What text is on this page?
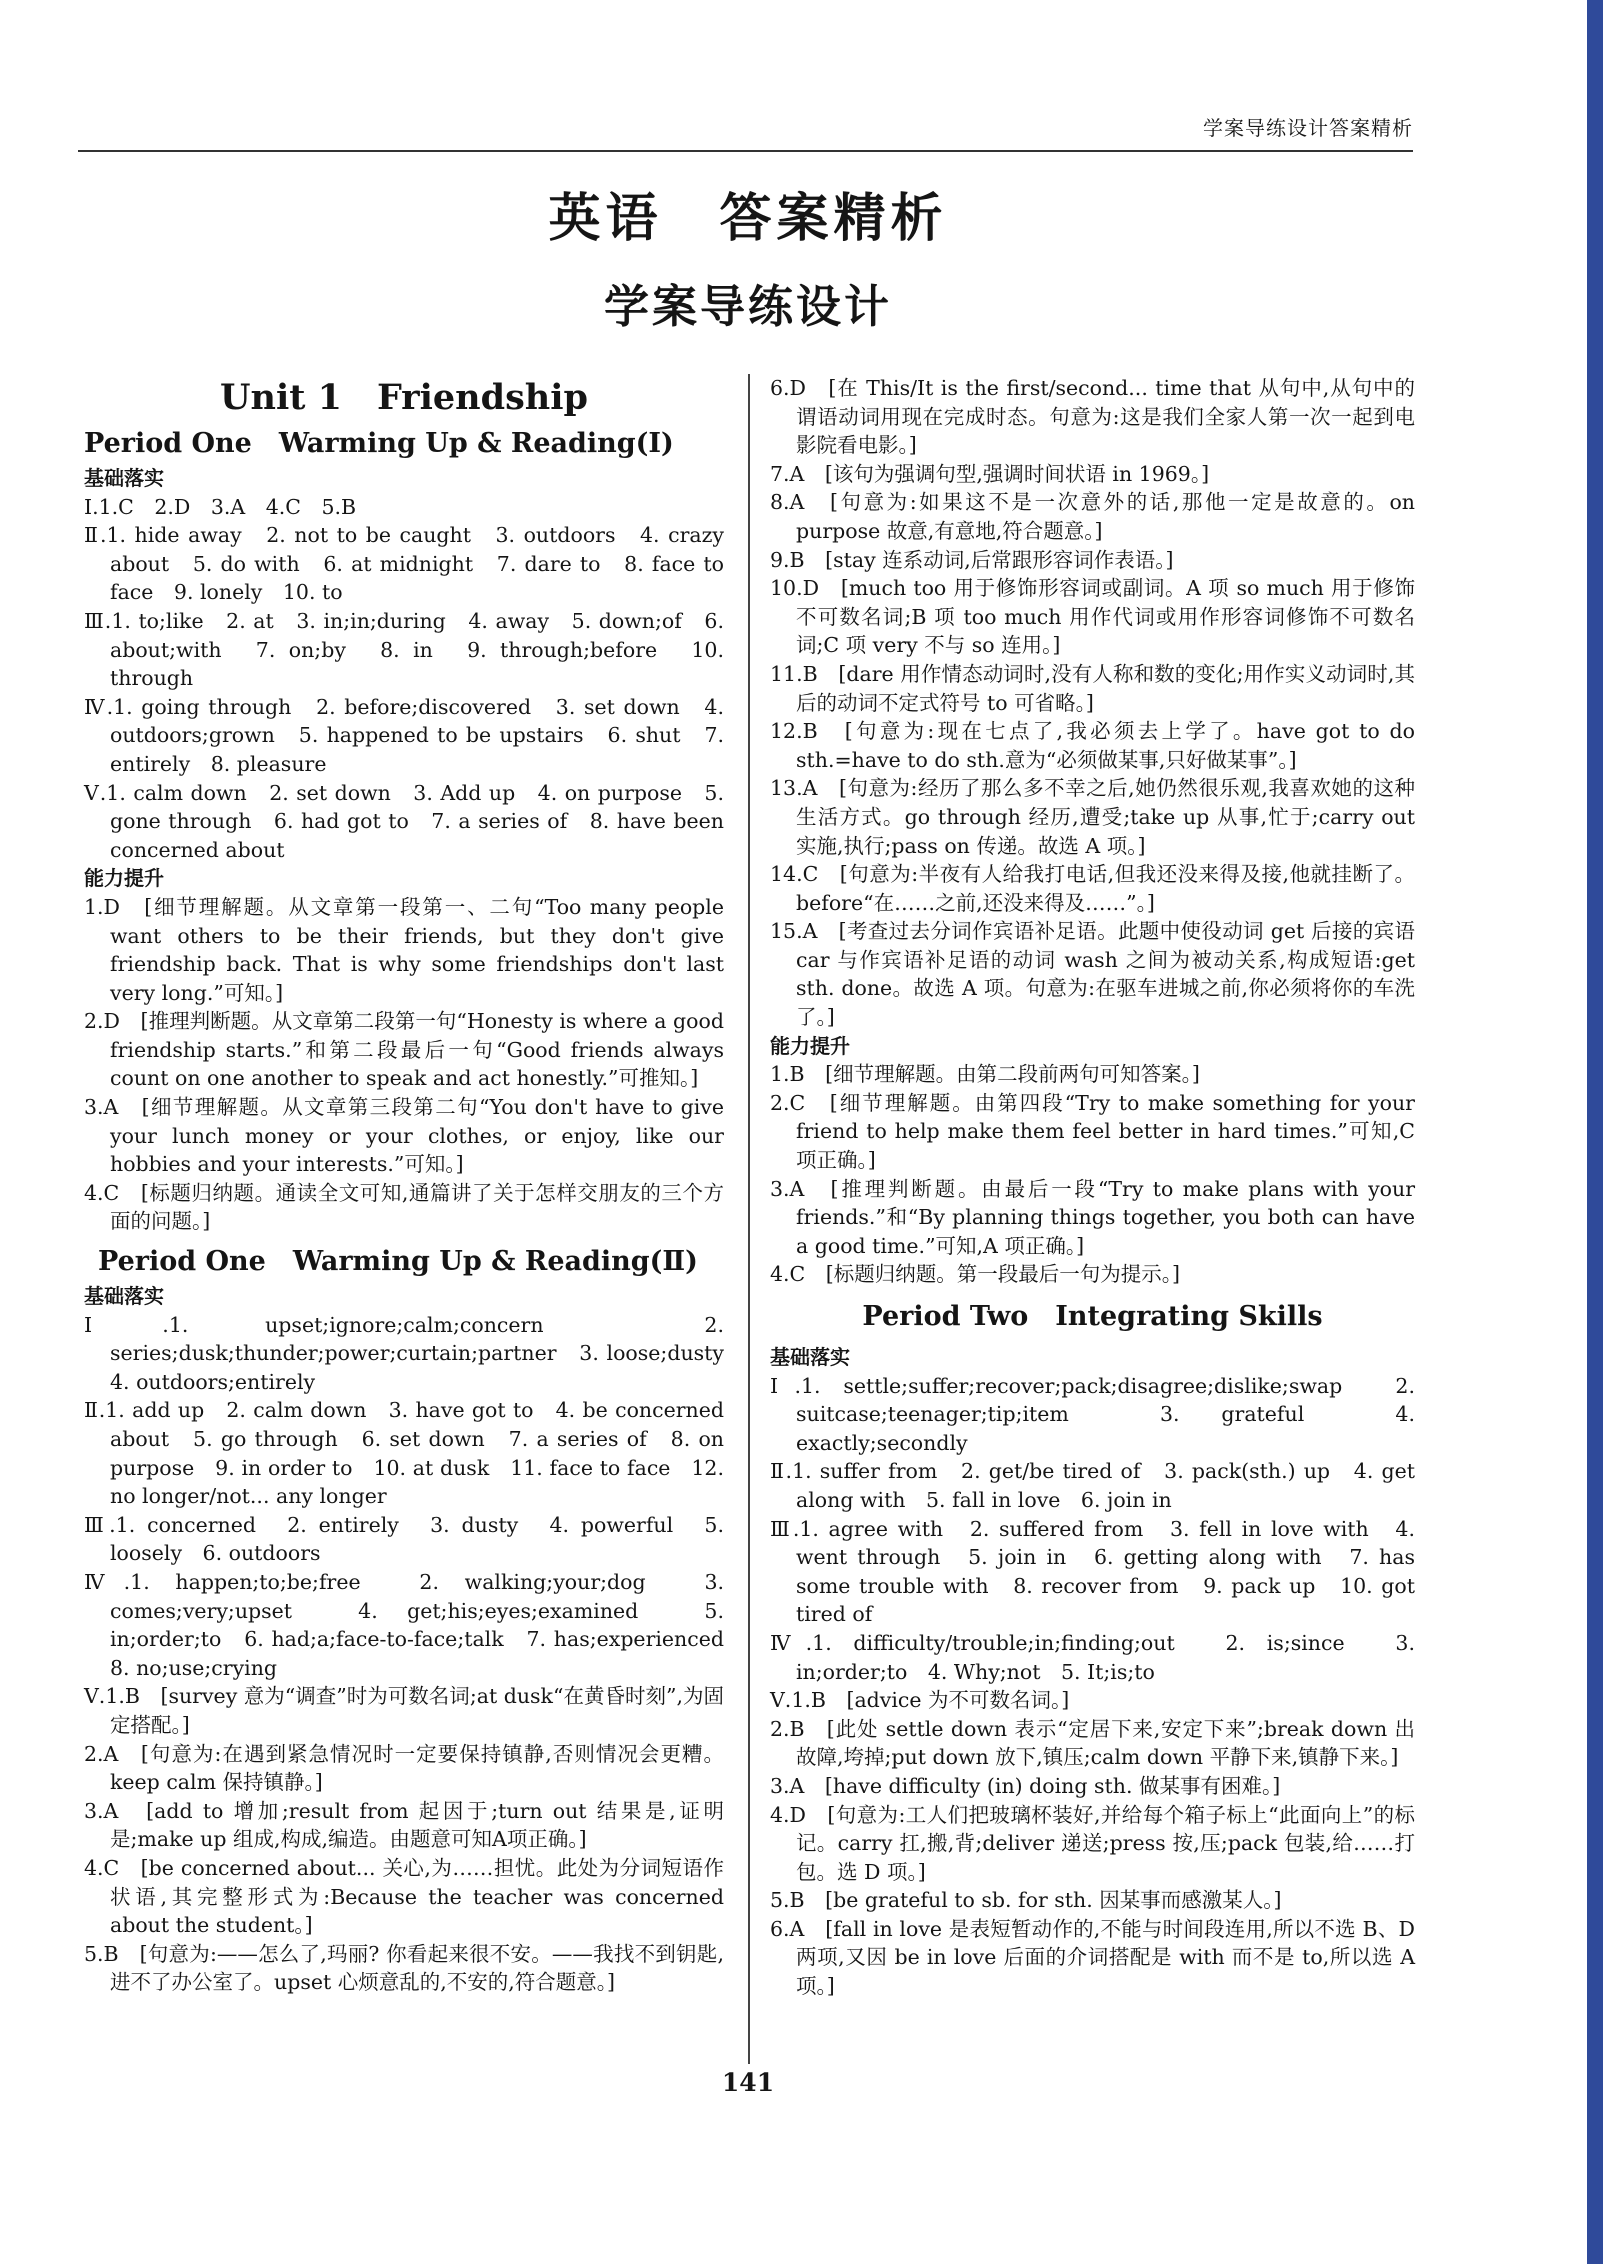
学案导练设计答案精析
英语　答案精析
学案导练设计
Unit 1　Friendship
Period One　Warming Up & Reading(Ⅰ)
基础落实
Ⅰ.1.C　2.D　3.A　4.C　5.B
Ⅱ.1. hide away　2. not to be caught　3. outdoors　4. crazy about　5. do with　6. at midnight　7. dare to　8. face to face　9. lonely　10. to
Ⅲ.1. to;like　2. at　3. in;in;during　4. away　5. down;of　6. about;with　7. on;by　8. in　9. through;before　10. through
Ⅳ.1. going through　2. before;discovered　3. set down　4. outdoors;grown　5. happened to be upstairs　6. shut　7. entirely　8. pleasure
Ⅴ.1. calm down　2. set down　3. Add up　4. on purpose　5. gone through　6. had got to　7. a series of　8. have been concerned about
能力提升
1.D　[细节理解题。从文章第一段第一、二句“Too many people want others to be their friends, but they don't give friendship back. That is why some friendships don't last very long.”可知。]
2.D　[推理判断题。从文章第二段第一句“Honesty is where a good friendship starts.”和第二段最后一句“Good friends always count on one another to speak and act honestly.”可推知。]
3.A　[细节理解题。从文章第三段第二句“You don't have to give your lunch money or your clothes, or enjoy, like our hobbies and your interests.”可知。]
4.C　[标题归纳题。通读全文可知,通篇讲了关于怎样交朋友的三个方面的问题。]
Period One　Warming Up & Reading(Ⅱ)
基础落实
Ⅰ.1. upset;ignore;calm;concern　2. series;dusk;thunder;power;curtain;partner　3. loose;dusty　4. outdoors;entirely
Ⅱ.1. add up　2. calm down　3. have got to　4. be concerned about　5. go through　6. set down　7. a series of　8. on purpose　9. in order to　10. at dusk　11. face to face　12. no longer/not... any longer
Ⅲ.1. concerned　2. entirely　3. dusty　4. powerful　5. loosely　6. outdoors
Ⅳ.1. happen;to;be;free　2. walking;your;dog　3. comes;very;upset　4. get;his;eyes;examined　5. in;order;to　6. had;a;face-to-face;talk　7. has;experienced　8. no;use;crying
Ⅴ.1.B　[survey 意为“调查”时为可数名词;at dusk“在黄昏时刻”,为固定搭配。]
2.A　[句意为:在遇到紧急情况时一定要保持镇静,否则情况会更糟。keep calm 保持镇静。]
3.A　[add to 增加;result from 起因于;turn out 结果是,证明是;make up 组成,构成,编造。由题意可知A项正确。]
4.C　[be concerned about... 关心,为……担忧。此处为分词短语作状语,其完整形式为:Because the teacher was concerned about the student。]
5.B　[句意为:——怎么了,玛丽? 你看起来很不安。——我找不到钥匙,进不了办公室了。upset 心烦意乱的,不安的,符合题意。]
6.D　[在 This/It is the first/second... time that 从句中,从句中的谓语动词用现在完成时态。句意为:这是我们全家人第一次一起到电影院看电影。]
7.A　[该句为强调句型,强调时间状语 in 1969。]
8.A　[句意为:如果这不是一次意外的话,那他一定是故意的。on purpose 故意,有意地,符合题意。]
9.B　[stay 连系动词,后常跟形容词作表语。]
10.D　[much too 用于修饰形容词或副词。A 项 so much 用于修饰不可数名词;B 项 too much 用作代词或用作形容词修饰不可数名词;C 项 very 不与 so 连用。]
11.B　[dare 用作情态动词时,没有人称和数的变化;用作实义动词时,其后的动词不定式符号 to 可省略。]
12.B　[句意为:现在七点了,我必须去上学了。have got to do sth.=have to do sth.意为“必须做某事,只好做某事”。]
13.A　[句意为:经历了那么多不幸之后,她仍然很乐观,我喜欢她的这种生活方式。go through 经历,遭受;take up 从事,忙于;carry out 实施,执行;pass on 传递。故选 A 项。]
14.C　[句意为:半夜有人给我打电话,但我还没来得及接,他就挂断了。before“在……之前,还没来得及……”。]
15.A　[考查过去分词作宾语补足语。此题中使役动词 get 后接的宾语 car 与作宾语补足语的动词 wash 之间为被动关系,构成短语:get sth. done。故选 A 项。句意为:在驱车进城之前,你必须将你的车洗了。]
能力提升
1.B　[细节理解题。由第二段前两句可知答案。]
2.C　[细节理解题。由第四段“Try to make something for your friend to help make them feel better in hard times.”可知,C 项正确。]
3.A　[推理判断题。由最后一段“Try to make plans with your friends.”和“By planning things together, you both can have a good time.”可知,A 项正确。]
4.C　[标题归纳题。第一段最后一句为提示。]
Period Two　Integrating Skills
基础落实
Ⅰ.1. settle;suffer;recover;pack;disagree;dislike;swap　2. suitcase;teenager;tip;item　3. grateful　4. exactly;secondly
Ⅱ.1. suffer from　2. get/be tired of　3. pack(sth.) up　4. get along with　5. fall in love　6. join in
Ⅲ.1. agree with　2. suffered from　3. fell in love with　4. went through　5. join in　6. getting along with　7. has some trouble with　8. recover from　9. pack up　10. got tired of
Ⅳ.1. difficulty/trouble;in;finding;out　2. is;since　3. in;order;to　4. Why;not　5. It;is;to
Ⅴ.1.B　[advice 为不可数名词。]
2.B　[此处 settle down 表示“定居下来,安定下来”;break down 出故障,垮掉;put down 放下,镇压;calm down 平静下来,镇静下来。]
3.A　[have difficulty (in) doing sth. 做某事有困难。]
4.D　[句意为:工人们把玻璃杯装好,并给每个箱子标上“此面向上”的标记。carry 扛,搬,背;deliver 递送;press 按,压;pack 包装,给……打包。选 D 项。]
5.B　[be grateful to sb. for sth. 因某事而感激某人。]
6.A　[fall in love 是表短暂动作的,不能与时间段连用,所以不选 B、D 两项,又因 be in love 后面的介词搭配是 with 而不是 to,所以选 A 项。]
141
